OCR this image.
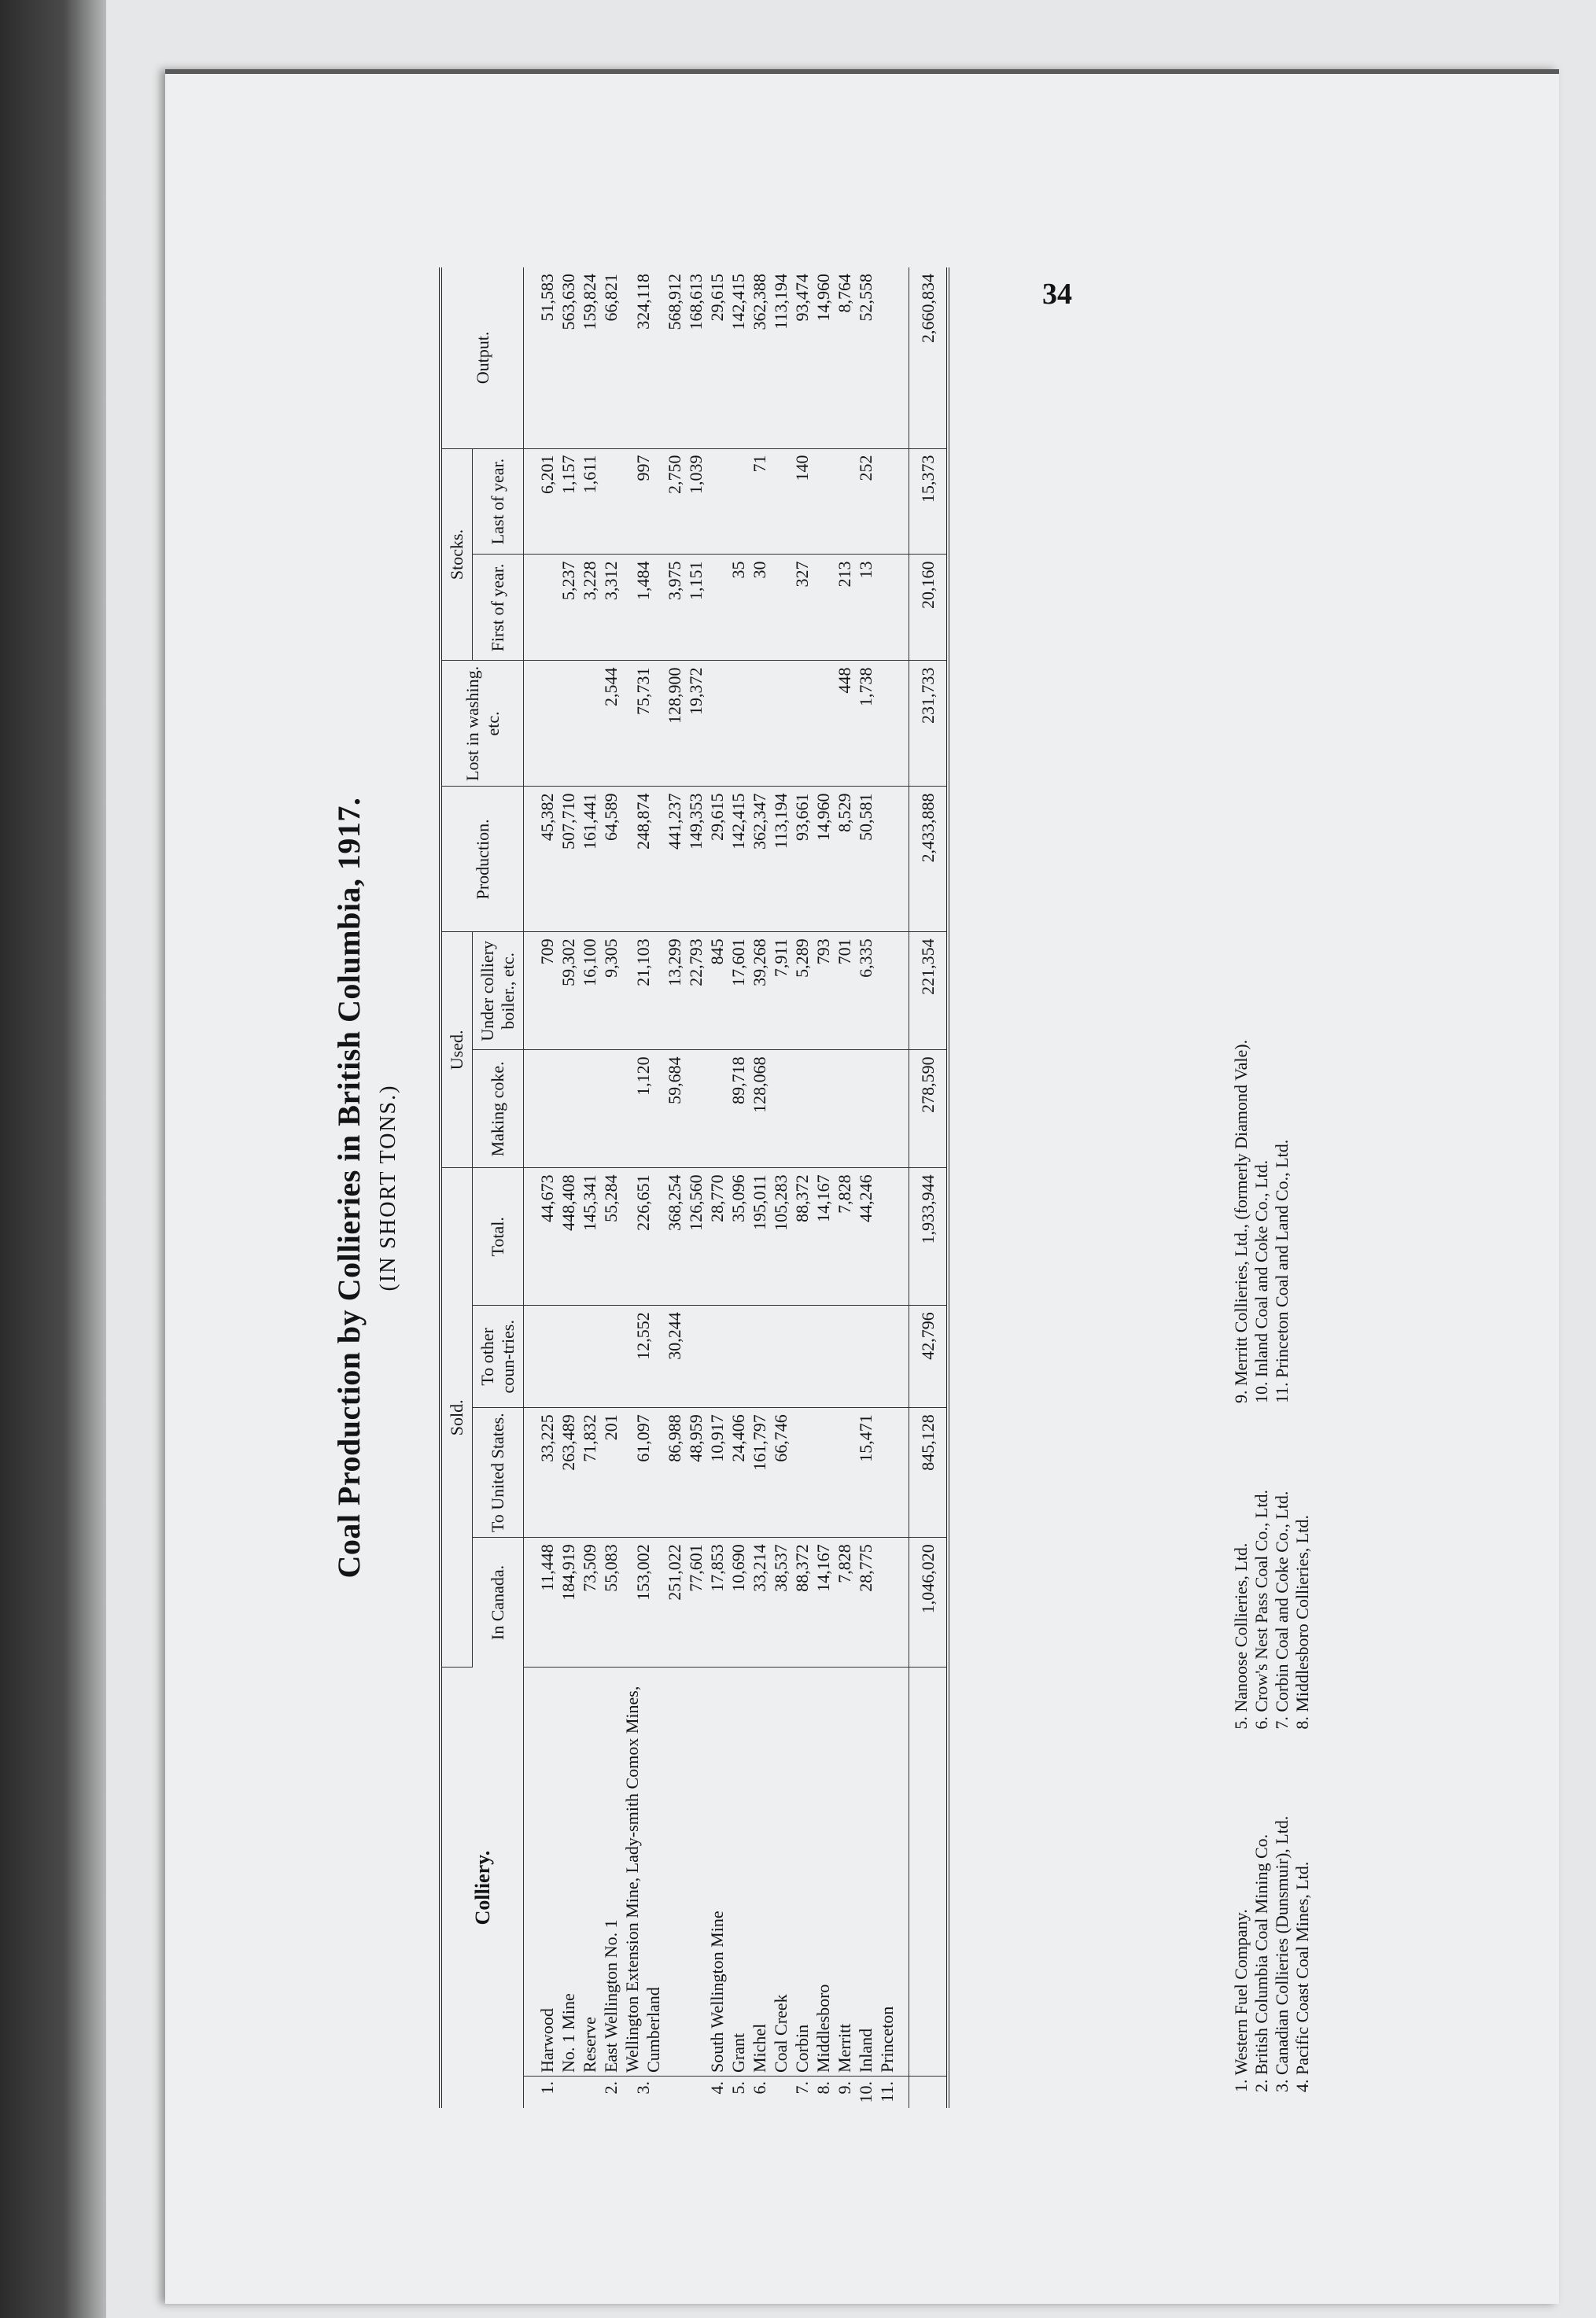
34
Coal Production by Collieries in British Columbia, 1917. (IN SHORT TONS.)
Colliery.		Sold.				Used.		Production.	Lost in washing. etc.	Stocks.		Output.
		In Canada.	To United States.	To other coun-tries.	Total.	Making coke.	Under colliery boiler., etc.			First of year.	Last of year.	
1.	Harwood	11,448	33,225		44,673		709	45,382			6,201	51,583
	No. 1 Mine	184,919	263,489		448,408		59,302	507,710		5,237	1,157	563,630
	Reserve	73,509	71,832		145,341		16,100	161,441		3,228	1,611	159,824
2.	East Wellington No. 1	55,083	201		55,284		9,305	64,589	2,544	3,312		66,821
3.	Wellington Extension Mine, Lady-smith Comox Mines, Cumberland	153,002	61,097	12,552	226,651	1,120	21,103	248,874	75,731	1,484	997	324,118
		251,022	86,988	30,244	368,254	59,684	13,299	441,237	128,900	3,975	2,750	568,912
		77,601	48,959		126,560		22,793	149,353	19,372	1,151	1,039	168,613
4.	South Wellington Mine	17,853	10,917		28,770		845	29,615				29,615
5.	Grant	10,690	24,406		35,096	89,718	17,601	142,415		35		142,415
6.	Michel	33,214	161,797		195,011	128,068	39,268	362,347		30	71	362,388
	Coal Creek	38,537	66,746		105,283		7,911	113,194				113,194
7.	Corbin	88,372			88,372		5,289	93,661		327	140	93,474
8.	Middlesboro	14,167			14,167		793	14,960				14,960
9.	Merritt	7,828			7,828		701	8,529	448	213		8,764
10.	Inland	28,775	15,471		44,246		6,335	50,581	1,738	13	252	52,558
11.	Princeton											
		1,046,020	845,128	42,796	1,933,944	278,590	221,354	2,433,888	231,733	20,160	15,373	2,660,834
1. Western Fuel Company. 2. British Columbia Coal Mining Co. 3. Canadian Collieries (Dunsmuir), Ltd. 4. Pacific Coast Coal Mines, Ltd.
5. Nanoose Collieries, Ltd. 6. Crow's Nest Pass Coal Co., Ltd. 7. Corbin Coal and Coke Co., Ltd. 8. Middlesboro Collieries, Ltd.
9. Merritt Collieries, Ltd., (formerly Diamond Vale). 10. Inland Coal and Coke Co., Ltd. 11. Princeton Coal and Land Co., Ltd.
